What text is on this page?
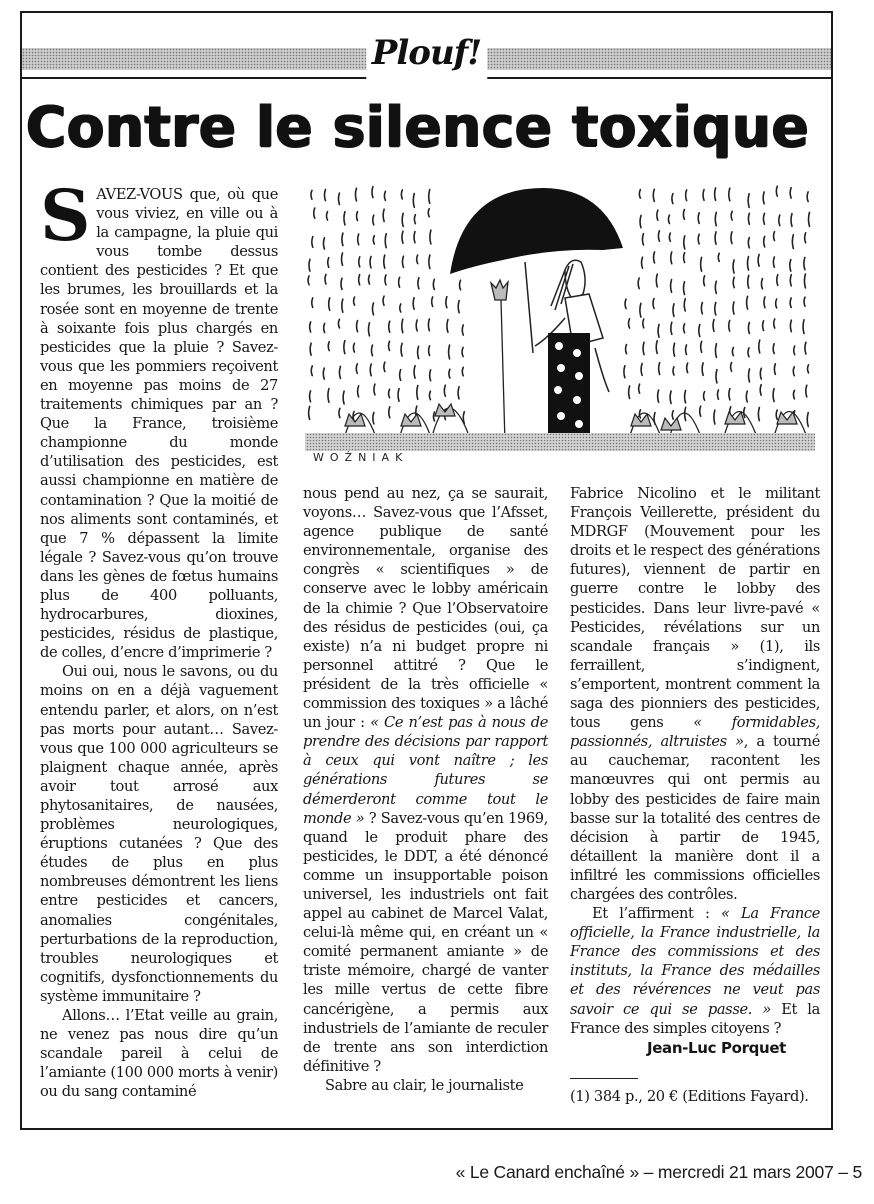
Plouf!
Contre le silence toxique
WOŹNIAK

SAVEZ-VOUS que, où que vous viviez, en ville ou à la campagne, la pluie qui vous tombe dessus contient des pesticides ? Et que les brumes, les brouillards et la rosée sont en moyenne de trente à soixante fois plus chargés en pesticides que la pluie ? Savez-vous que les pommiers reçoivent en moyenne pas moins de 27 traitements chimiques par an ? Que la France, troisième championne du monde d’utilisation des pesticides, est aussi championne en matière de contamination ? Que la moitié de nos aliments sont contaminés, et que 7 % dépassent la limite légale ? Savez-vous qu’on trouve dans les gènes de fœtus humains plus de 400 polluants, hydrocarbures, dioxines, pesticides, résidus de plastique, de colles, d’encre d’imprimerie ?

Oui oui, nous le savons, ou du moins on en a déjà vaguement entendu parler, et alors, on n’est pas morts pour autant… Savez-vous que 100 000 agriculteurs se plaignent chaque année, après avoir tout arrosé aux phytosanitaires, de nausées, problèmes neurologiques, éruptions cutanées ? Que des études de plus en plus nombreuses démontrent les liens entre pesticides et cancers, anomalies congénitales, perturbations de la reproduction, troubles neurologiques et cognitifs, dysfonctionnements du système immunitaire ?

Allons… l’Etat veille au grain, ne venez pas nous dire qu’un scandale pareil à celui de l’amiante (100 000 morts à venir) ou du sang contaminé

nous pend au nez, ça se saurait, voyons… Savez-vous que l’Afsset, agence publique de santé environnementale, organise des congrès « scientifiques » de conserve avec le lobby américain de la chimie ? Que l’Observatoire des résidus de pesticides (oui, ça existe) n’a ni budget propre ni personnel attitré ? Que le président de la très officielle « commission des toxiques » a lâché un jour : « Ce n’est pas à nous de prendre des décisions par rapport à ceux qui vont naître ; les générations futures se démerderont comme tout le monde » ? Savez-vous qu’en 1969, quand le produit phare des pesticides, le DDT, a été dénoncé comme un insupportable poison universel, les industriels ont fait appel au cabinet de Marcel Valat, celui-là même qui, en créant un « comité permanent amiante » de triste mémoire, chargé de vanter les mille vertus de cette fibre cancérigène, a permis aux industriels de l’amiante de reculer de trente ans son interdiction définitive ?

Sabre au clair, le journaliste

Fabrice Nicolino et le militant François Veillerette, président du MDRGF (Mouvement pour les droits et le respect des générations futures), viennent de partir en guerre contre le lobby des pesticides. Dans leur livre-pavé « Pesticides, révélations sur un scandale français » (1), ils ferraillent, s’indignent, s’emportent, montrent comment la saga des pionniers des pesticides, tous gens « formidables, passionnés, altruistes », a tourné au cauchemar, racontent les manœuvres qui ont permis au lobby des pesticides de faire main basse sur la totalité des centres de décision à partir de 1945, détaillent la manière dont il a infiltré les commissions officielles chargées des contrôles.

Et l’affirment : « La France officielle, la France industrielle, la France des commissions et des instituts, la France des médailles et des révérences ne veut pas savoir ce qui se passe. » Et la France des simples citoyens ?

Jean-Luc Porquet

(1) 384 p., 20 € (Editions Fayard).

« Le Canard enchaîné » – mercredi 21 mars 2007 – 5
